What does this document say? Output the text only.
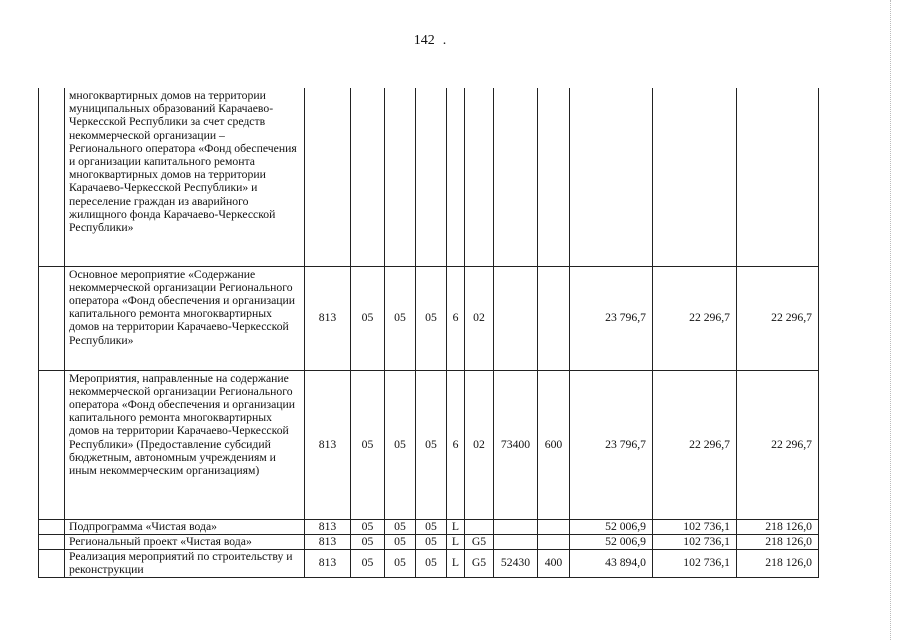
142 .

	многоквартирных домов на территории муниципальных образований Карачаево-Черкесской Республики за счет средств некоммерческой организации – Регионального оператора «Фонд обеспечения и организации капитального ремонта многоквартирных домов на территории Карачаево-Черкесской Республики» и переселение граждан из аварийного жилищного фонда Карачаево-Черкесской Республики»											

	Основное мероприятие «Содержание некоммерческой организации Регионального оператора «Фонд обеспечения и организации капитального ремонта многоквартирных домов на территории Карачаево-Черкесской Республики»	813	05	05	05	6	02			23 796,7	22 296,7	22 296,7

	Мероприятия, направленные на содержание некоммерческой организации Регионального оператора «Фонд обеспечения и организации капитального ремонта многоквартирных домов на территории Карачаево-Черкесской Республики» (Предоставление субсидий бюджетным, автономным учреждениям и иным некоммерческим организациям)	813	05	05	05	6	02	73400	600	23 796,7	22 296,7	22 296,7

	Подпрограмма «Чистая вода»	813	05	05	05	L				52 006,9	102 736,1	218 126,0

	Региональный проект «Чистая вода»	813	05	05	05	L	G5			52 006,9	102 736,1	218 126,0

	Реализация мероприятий по строительству и реконструкции	813	05	05	05	L	G5	52430	400	43 894,0	102 736,1	218 126,0
